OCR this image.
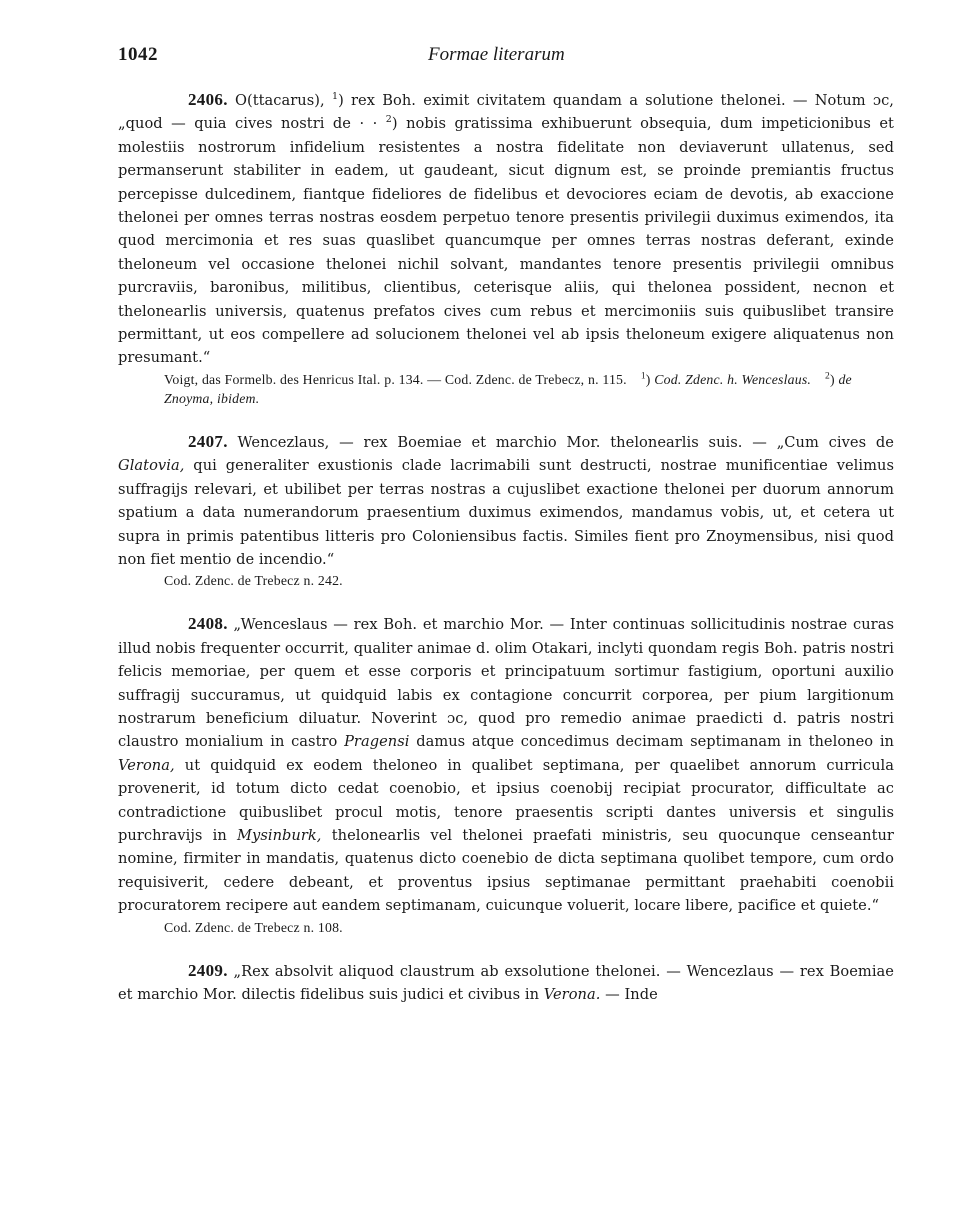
1042	Formae literarum

2406. O(ttacarus), $^1$) rex Boh. eximit civitatem quandam a solutione thelonei. — Notum ɔc, „quod — quia cives nostri de · · $^2$) nobis gratissima exhibuerunt obsequia, dum impeticionibus et molestiis nostrorum infidelium resistentes a nostra fidelitate non deviaverunt ullatenus, sed permanserunt stabiliter in eadem, ut gaudeant, sicut dignum est, se proinde premiantis fructus percepisse dulcedinem, fiantque fideliores de fidelibus et devociores eciam de devotis, ab exaccione thelonei per omnes terras nostras eosdem perpetuo tenore presentis privilegii duximus eximendos, ita quod mercimonia et res suas quaslibet quancumque per omnes terras nostras deferant, exinde theloneum vel occasione thelonei nichil solvant, mandantes tenore presentis privilegii omnibus purcraviis, baronibus, militibus, clientibus, ceterisque aliis, qui thelonea possident, necnon et thelonearlis universis, quatenus prefatos cives cum rebus et mercimoniis suis quibuslibet transire permittant, ut eos compellere ad solucionem thelonei vel ab ipsis theloneum exigere aliquatenus non presumant.“

Voigt, das Formelb. des Henricus Ital. p. 134. — Cod. Zdenc. de Trebecz, n. 115. $^1$) Cod. Zdenc. h. Wenceslaus. $^2$) de Znoyma, ibidem.

2407. Wencezlaus, — rex Boemiae et marchio Mor. thelonearlis suis. — „Cum cives de Glatovia, qui generaliter exustionis clade lacrimabili sunt destructi, nostrae munificentiae velimus suffragijs relevari, et ubilibet per terras nostras a cujuslibet exactione thelonei per duorum annorum spatium a data numerandorum praesentium duximus eximendos, mandamus vobis, ut, et cetera ut supra in primis patentibus litteris pro Coloniensibus factis. Similes fient pro Znoymensibus, nisi quod non fiet mentio de incendio.“

Cod. Zdenc. de Trebecz n. 242.

2408. „Wenceslaus — rex Boh. et marchio Mor. — Inter continuas sollicitudinis nostrae curas illud nobis frequenter occurrit, qualiter animae d. olim Otakari, inclyti quondam regis Boh. patris nostri felicis memoriae, per quem et esse corporis et principatuum sortimur fastigium, oportuni auxilio suffragij succuramus, ut quidquid labis ex contagione concurrit corporea, per pium largitionum nostrarum beneficium diluatur. Noverint ɔc, quod pro remedio animae praedicti d. patris nostri claustro monialium in castro Pragensi damus atque concedimus decimam septimanam in theloneo in Verona, ut quidquid ex eodem theloneo in qualibet septimana, per quaelibet annorum curricula provenerit, id totum dicto cedat coenobio, et ipsius coenobij recipiat procurator, difficultate ac contradictione quibuslibet procul motis, tenore praesentis scripti dantes universis et singulis purchravijs in Mysinburk, thelonearlis vel thelonei praefati ministris, seu quocunque censeantur nomine, firmiter in mandatis, quatenus dicto coenebio de dicta septimana quolibet tempore, cum ordo requisiverit, cedere debeant, et proventus ipsius septimanae permittant praehabiti coenobii procuratorem recipere aut eandem septimanam, cuicunque voluerit, locare libere, pacifice et quiete.“

Cod. Zdenc. de Trebecz n. 108.

2409. „Rex absolvit aliquod claustrum ab exsolutione thelonei. — Wencezlaus — rex Boemiae et marchio Mor. dilectis fidelibus suis judici et civibus in Verona. — Inde
